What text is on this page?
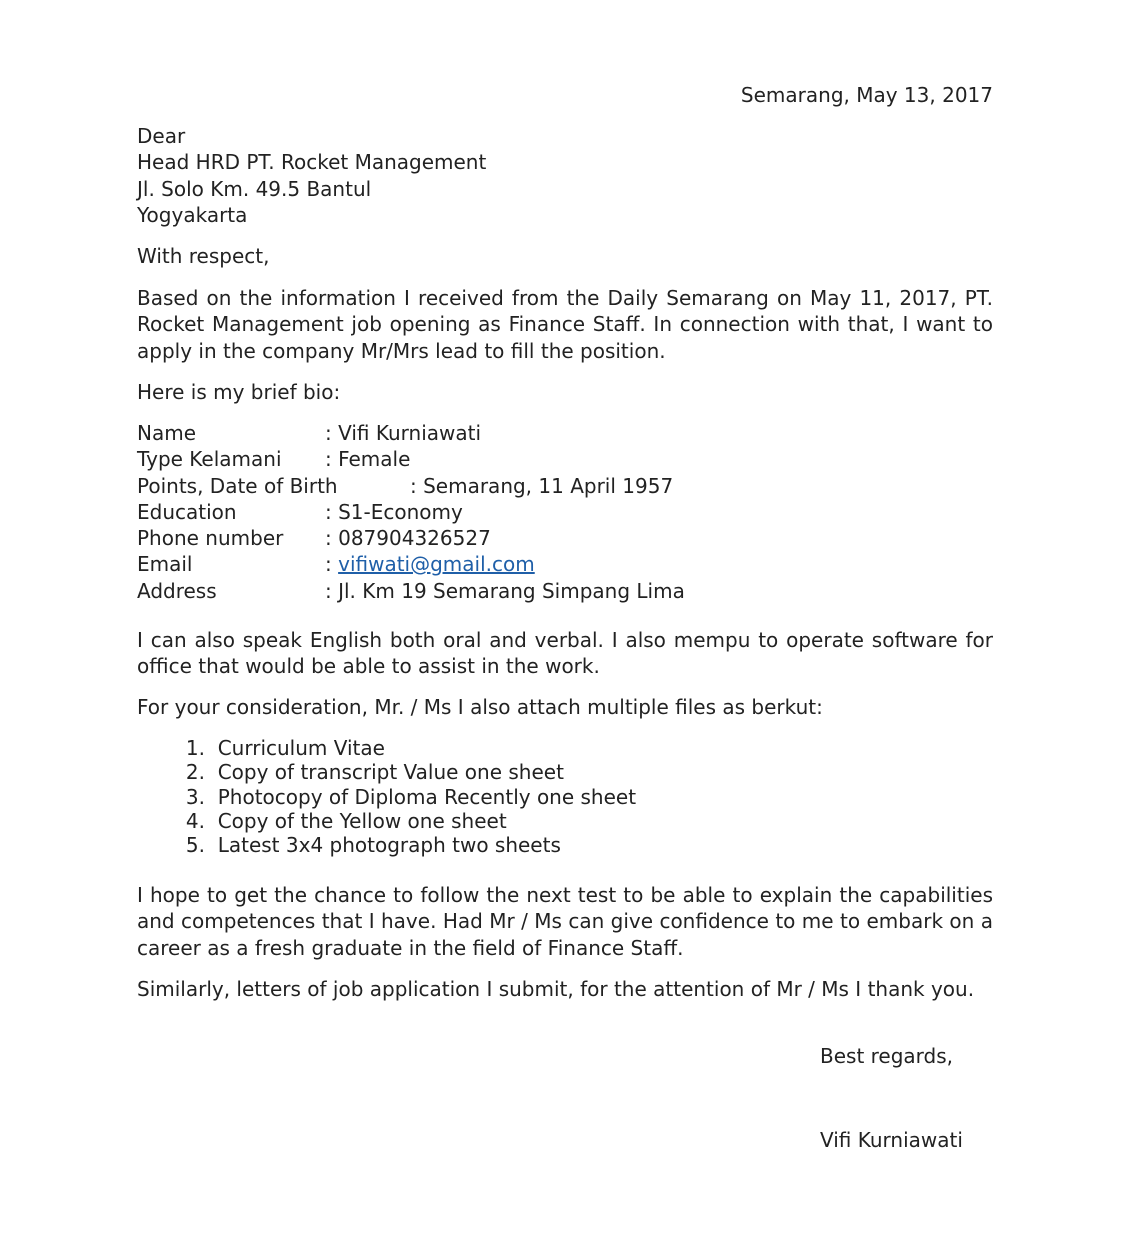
Semarang, May 13, 2017
Dear
Head HRD PT. Rocket Management
Jl. Solo Km. 49.5 Bantul
Yogyakarta
With respect,
Based on the information I received from the Daily Semarang on May 11, 2017, PT. Rocket Management job opening as Finance Staff. In connection with that, I want to apply in the company Mr/Mrs lead to fill the position.
Here is my brief bio:
Name	: Vifi Kurniawati
Type Kelamani : Female
Points, Date of Birth	: Semarang, 11 April 1957
Education	: S1-Economy
Phone number : 087904326527
Email	: vifiwati@gmail.com
Address	: Jl. Km 19 Semarang Simpang Lima
I can also speak English both oral and verbal. I also mempu to operate software for office that would be able to assist in the work.
For your consideration, Mr. / Ms I also attach multiple files as berkut:
1. Curriculum Vitae
2. Copy of transcript Value one sheet
3. Photocopy of Diploma Recently one sheet
4. Copy of the Yellow one sheet
5. Latest 3x4 photograph two sheets
I hope to get the chance to follow the next test to be able to explain the capabilities and competences that I have. Had Mr / Ms can give confidence to me to embark on a career as a fresh graduate in the field of Finance Staff.
Similarly, letters of job application I submit, for the attention of Mr / Ms I thank you.
Best regards,
Vifi Kurniawati
